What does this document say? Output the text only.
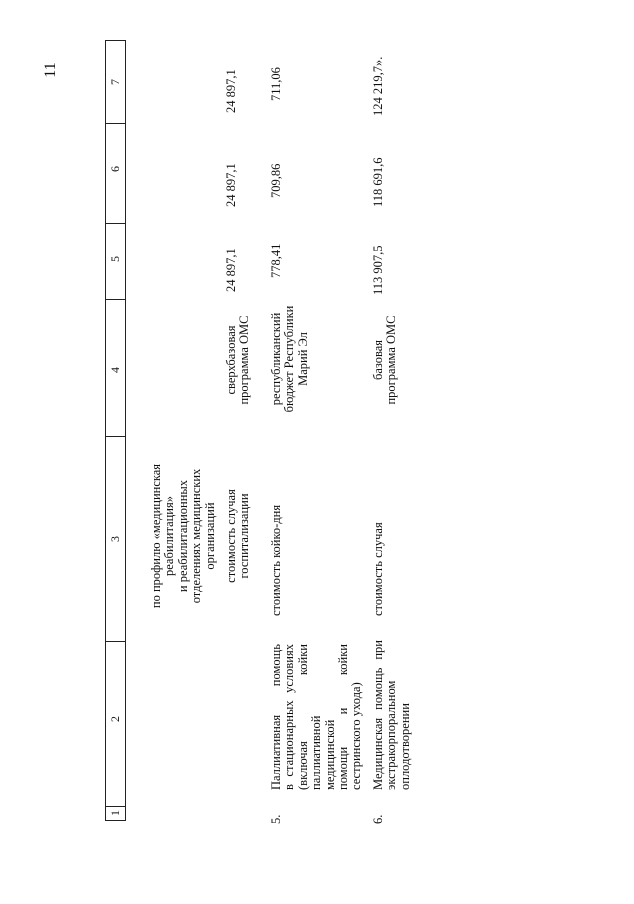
11
1
2
3
4
5
6
7
по профилю «медицинская реабилитация» и реабилитационных отделениях медицинских организаций стоимость случая госпитализации
сверхбазовая программа ОМС
24 897,1
24 897,1
24 897,1
5.
Паллиативная помощь в стационарных условиях (включая койки паллиативной медицинской помощи и койки сестринского ухода)
стоимость койко-дня
республиканский бюджет Республики Марий Эл
778,41
709,86
711,06
6.
Медицинская помощь при экстракорпоральном оплодотворении
стоимость случая
базовая программа ОМС
113 907,5
118 691,6
124 219,7».
